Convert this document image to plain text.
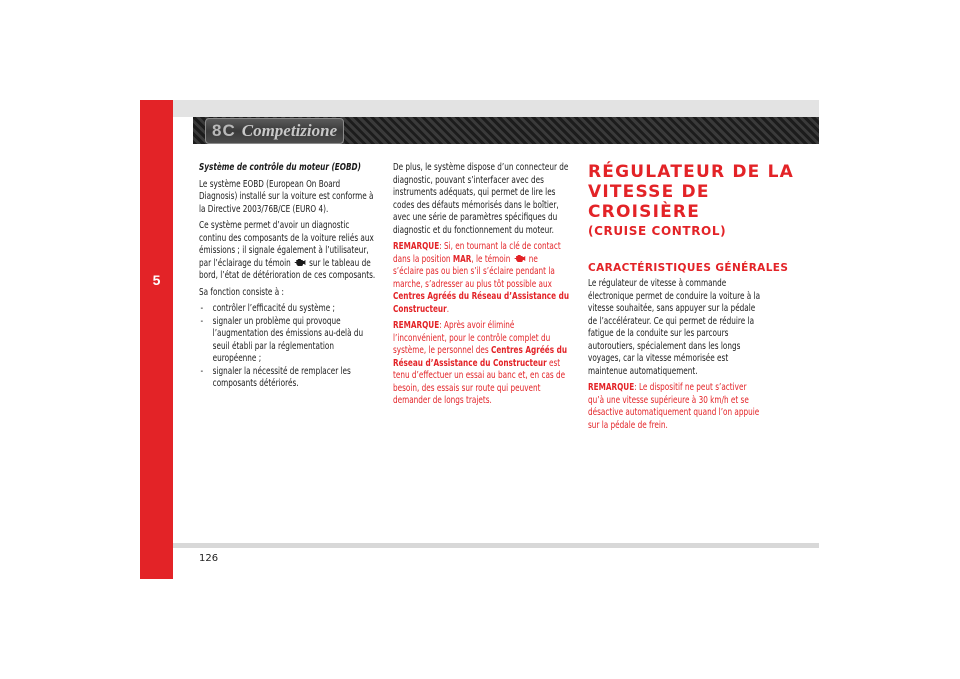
5
8C Competizione

Système de contrôle du moteur (EOBD)

Le système EOBD (European On Board Diagnosis) installé sur la voiture est conforme à la Directive 2003/76B/CE (EURO 4).

Ce système permet d’avoir un diagnostic continu des composants de la voiture reliés aux émissions ; il signale également à l’utilisateur, par l’éclairage du témoin sur le tableau de bord, l’état de détérioration de ces composants.

Sa fonction consiste à :

- contrôler l’efficacité du système ;
- signaler un problème qui provoque l’augmentation des émissions au-delà du seuil établi par la réglementation européenne ;
- signaler la nécessité de remplacer les composants détériorés.

De plus, le système dispose d’un connecteur de diagnostic, pouvant s’interfacer avec des instruments adéquats, qui permet de lire les codes des défauts mémorisés dans le boîtier, avec une série de paramètres spécifiques du diagnostic et du fonctionnement du moteur.

REMARQUE: Si, en tournant la clé de contact dans la position MAR, le témoin ne s’éclaire pas ou bien s’il s’éclaire pendant la marche, s’adresser au plus tôt possible aux Centres Agréés du Réseau d’Assistance du Constructeur.

REMARQUE: Après avoir éliminé l’inconvénient, pour le contrôle complet du système, le personnel des Centres Agréés du Réseau d’Assistance du Constructeur est tenu d’effectuer un essai au banc et, en cas de besoin, des essais sur route qui peuvent demander de longs trajets.

RÉGULATEUR DE LA VITESSE DE CROISIÈRE
(CRUISE CONTROL)
CARACTÉRISTIQUES GÉNÉRALES

Le régulateur de vitesse à commande électronique permet de conduire la voiture à la vitesse souhaitée, sans appuyer sur la pédale de l’accélérateur. Ce qui permet de réduire la fatigue de la conduite sur les parcours autoroutiers, spécialement dans les longs voyages, car la vitesse mémorisée est maintenue automatiquement.

REMARQUE: Le dispositif ne peut s’activer qu’à une vitesse supérieure à 30 km/h et se désactive automatiquement quand l’on appuie sur la pédale de frein.

126
